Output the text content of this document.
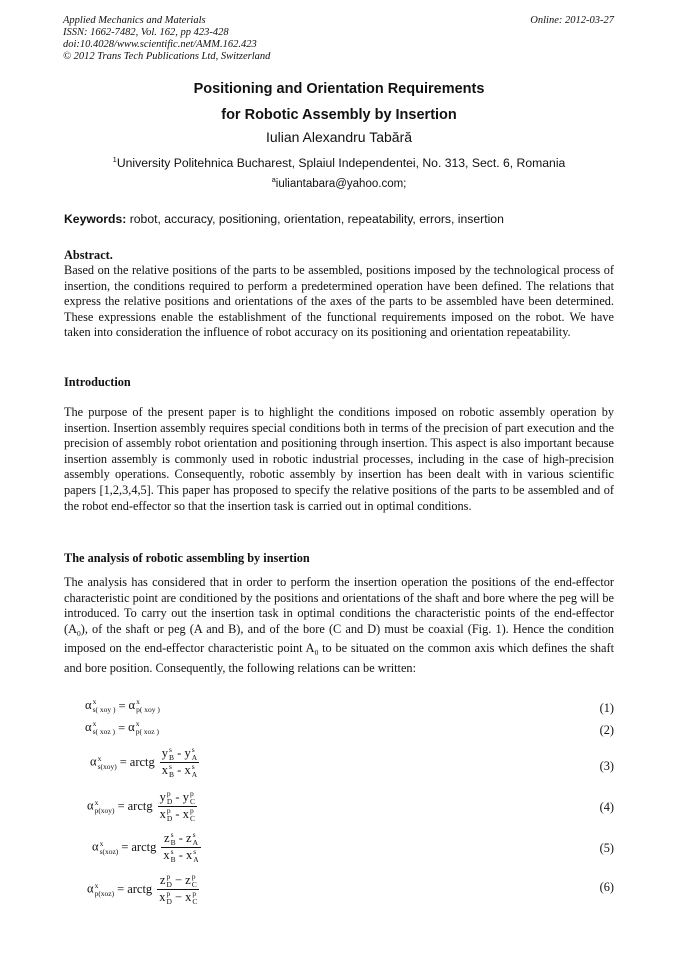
Applied Mechanics and Materials
ISSN: 1662-7482, Vol. 162, pp 423-428
doi:10.4028/www.scientific.net/AMM.162.423
© 2012 Trans Tech Publications Ltd, Switzerland
Online: 2012-03-27
Positioning and Orientation Requirements
for Robotic Assembly by Insertion
Iulian Alexandru Tabără
$^1$University Politehnica Bucharest, Splaiul Independentei, No. 313, Sect. 6, Romania
$^a$iuliantabara@yahoo.com;
Keywords: robot, accuracy, positioning, orientation, repeatability, errors, insertion
Abstract.

Based on the relative positions of the parts to be assembled, positions imposed by the technological process of insertion, the conditions required to perform a predetermined operation have been defined. The relations that express the relative positions and orientations of the axes of the parts to be assembled have been determined. These expressions enable the establishment of the functional requirements imposed on the robot. We have taken into consideration the influence of robot accuracy on its positioning and orientation repeatability.

Introduction

The purpose of the present paper is to highlight the conditions imposed on robotic assembly operation by insertion. Insertion assembly requires special conditions both in terms of the precision of part execution and the precision of assembly robot orientation and positioning through insertion. This aspect is also important because insertion assembly is commonly used in robotic industrial processes, including in the case of high-precision assembly operations. Consequently, robotic assembly by insertion has been dealt with in various scientific papers [1,2,3,4,5]. This paper has proposed to specify the relative positions of the parts to be assembled and of the robot end-effector so that the insertion task is carried out in optimal conditions.

The analysis of robotic assembling by insertion

The analysis has considered that in order to perform the insertion operation the positions of the end-effector characteristic point are conditioned by the positions and orientations of the shaft and bore where the peg will be introduced. To carry out the insertion task in optimal conditions the characteristic points of the end-effector $(A_0)$, of the shaft or peg (A and B), and of the bore (C and D) must be coaxial (Fig. 1). Hence the condition imposed on the end-effector characteristic point $A_0$ to be situated on the common axis which defines the shaft and bore position. Consequently, the following relations can be written:

α x
s( xoy ) = α x
p( xoy )	(1)
α x
s( xoz ) = α x
p( xoz )	(2)
α x
s(xoy) = arctg y s
B - y s
A
x s
B - x s
A	(3)
α x
p(xoy) = arctg y p
D - y p
C
x p
D - x p
C	(4)
α x
s(xoz) = arctg z s
B - z s
A
x s
B - x s
A	(5)
α x
p(xoz) = arctg z p
D − z p
C
x p
D − x p
C	(6)
